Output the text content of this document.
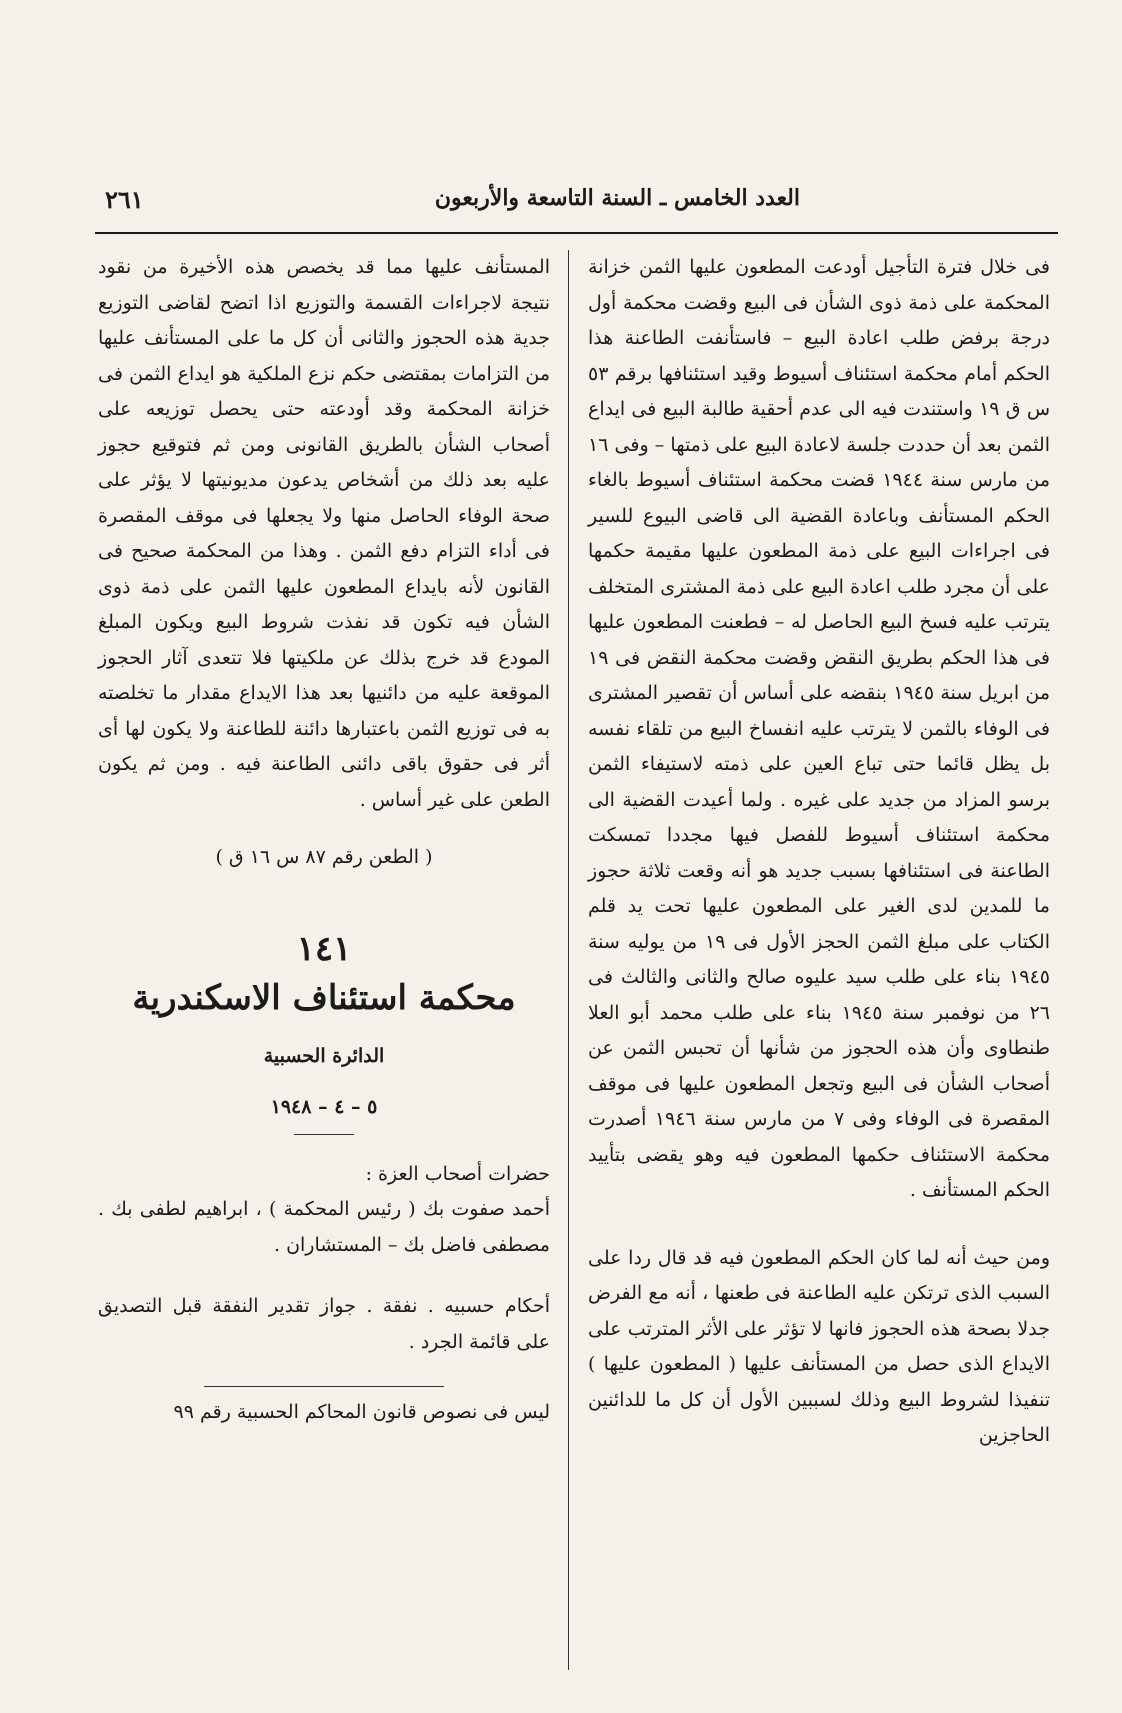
العدد الخامس ـ السنة التاسعة والأربعون
٢٦١

فى خلال فترة التأجيل أودعت المطعون عليها الثمن خزانة المحكمة على ذمة ذوى الشأن فى البيع وقضت محكمة أول درجة برفض طلب اعادة البيع – فاستأنفت الطاعنة هذا الحكم أمام محكمة استئناف أسيوط وقيد استئنافها برقم ٥٣ س ق ١٩ واستندت فيه الى عدم أحقية طالبة البيع فى ايداع الثمن بعد أن حددت جلسة لاعادة البيع على ذمتها – وفى ١٦ من مارس سنة ١٩٤٤ قضت محكمة استئناف أسيوط بالغاء الحكم المستأنف وباعادة القضية الى قاضى البيوع للسير فى اجراءات البيع على ذمة المطعون عليها مقيمة حكمها على أن مجرد طلب اعادة البيع على ذمة المشترى المتخلف يترتب عليه فسخ البيع الحاصل له – فطعنت المطعون عليها فى هذا الحكم بطريق النقض وقضت محكمة النقض فى ١٩ من ابريل سنة ١٩٤٥ بنقضه على أساس أن تقصير المشترى فى الوفاء بالثمن لا يترتب عليه انفساخ البيع من تلقاء نفسه بل يظل قائما حتى تباع العين على ذمته لاستيفاء الثمن برسو المزاد من جديد على غيره . ولما أعيدت القضية الى محكمة استئناف أسيوط للفصل فيها مجددا تمسكت الطاعنة فى استئنافها بسبب جديد هو أنه وقعت ثلاثة حجوز ما للمدين لدى الغير على المطعون عليها تحت يد قلم الكتاب على مبلغ الثمن الحجز الأول فى ١٩ من يوليه سنة ١٩٤٥ بناء على طلب سيد عليوه صالح والثانى والثالث فى ٢٦ من نوفمبر سنة ١٩٤٥ بناء على طلب محمد أبو العلا طنطاوى وأن هذه الحجوز من شأنها أن تحبس الثمن عن أصحاب الشأن فى البيع وتجعل المطعون عليها فى موقف المقصرة فى الوفاء وفى ٧ من مارس سنة ١٩٤٦ أصدرت محكمة الاستئناف حكمها المطعون فيه وهو يقضى بتأييد الحكم المستأنف .

ومن حيث أنه لما كان الحكم المطعون فيه قد قال ردا على السبب الذى ترتكن عليه الطاعنة فى طعنها ، أنه مع الفرض جدلا بصحة هذه الحجوز فانها لا تؤثر على الأثر المترتب على الايداع الذى حصل من المستأنف عليها ( المطعون عليها ) تنفيذا لشروط البيع وذلك لسببين الأول أن كل ما للدائنين الحاجزين

المستأنف عليها مما قد يخصص هذه الأخيرة من نقود نتيجة لاجراءات القسمة والتوزيع اذا اتضح لقاضى التوزيع جدية هذه الحجوز والثانى أن كل ما على المستأنف عليها من التزامات بمقتضى حكم نزع الملكية هو ايداع الثمن فى خزانة المحكمة وقد أودعته حتى يحصل توزيعه على أصحاب الشأن بالطريق القانونى ومن ثم فتوقيع حجوز عليه بعد ذلك من أشخاص يدعون مديونيتها لا يؤثر على صحة الوفاء الحاصل منها ولا يجعلها فى موقف المقصرة فى أداء التزام دفع الثمن . وهذا من المحكمة صحيح فى القانون لأنه بايداع المطعون عليها الثمن على ذمة ذوى الشأن فيه تكون قد نفذت شروط البيع ويكون المبلغ المودع قد خرج بذلك عن ملكيتها فلا تتعدى آثار الحجوز الموقعة عليه من دائنيها بعد هذا الايداع مقدار ما تخلصته به فى توزيع الثمن باعتبارها دائنة للطاعنة ولا يكون لها أى أثر فى حقوق باقى دائنى الطاعنة فيه . ومن ثم يكون الطعن على غير أساس .

( الطعن رقم ٨٧ س ١٦ ق )

١٤١

محكمة استئناف الاسكندرية

الدائرة الحسبية

٥ – ٤ – ١٩٤٨

حضرات أصحاب العزة :

أحمد صفوت بك ( رئيس المحكمة ) ، ابراهيم لطفى بك . مصطفى فاضل بك – المستشاران .

أحكام حسبيه . نفقة . جواز تقدير النفقة قبل التصديق على قائمة الجرد .

ليس فى نصوص قانون المحاكم الحسبية رقم ٩٩
